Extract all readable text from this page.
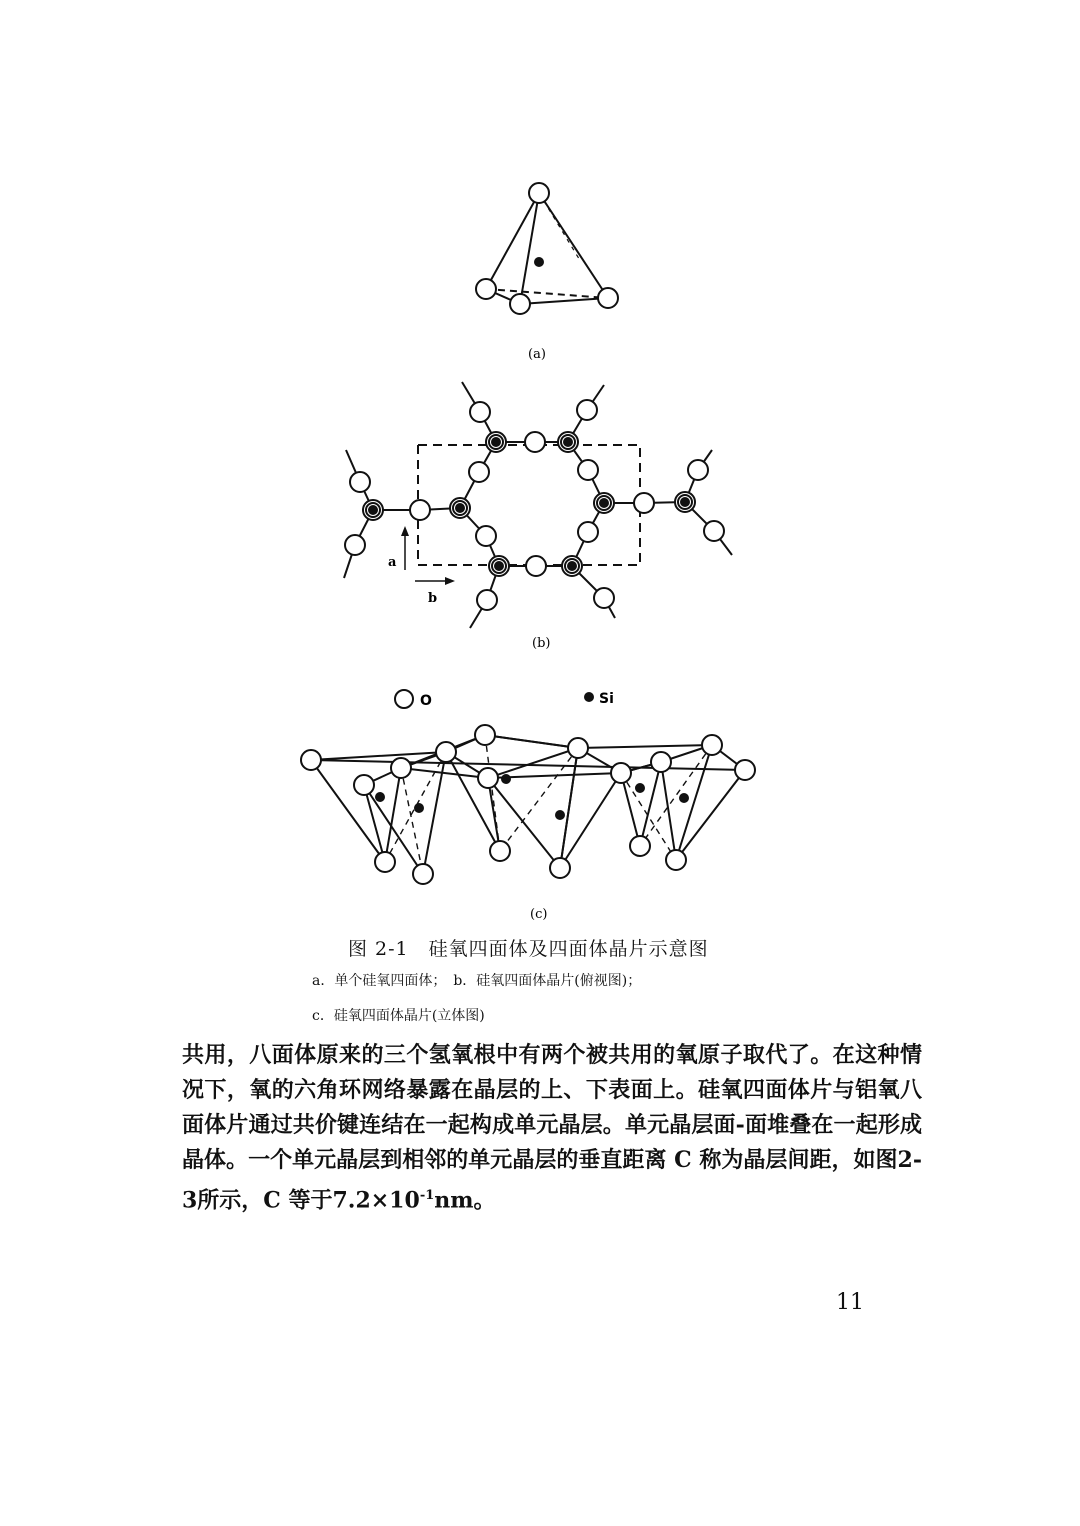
(a)
(b)
(c)
a
b
O	Si
图 2-1　硅氧四面体及四面体晶片示意图
a．单个硅氧四面体；　b．硅氧四面体晶片(俯视图)；
c．硅氧四面体晶片(立体图)

共用，八面体原来的三个氢氧根中有两个被共用的氧原子取代了。在这种情况下，氧的六角环网络暴露在晶层的上、下表面上。硅氧四面体片与铝氧八面体片通过共价键连结在一起构成单元晶层。单元晶层面-面堆叠在一起形成晶体。一个单元晶层到相邻的单元晶层的垂直距离 C 称为晶层间距，如图2-3所示，C 等于$7.2\times 10^{-1}nm$。

11
